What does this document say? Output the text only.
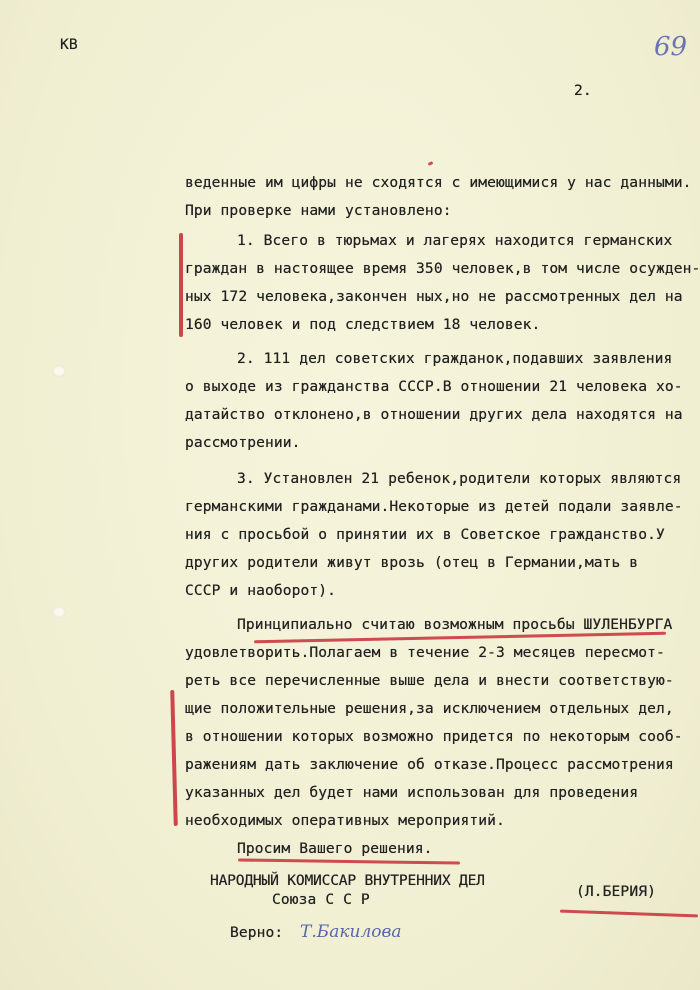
КВ	69
2.
веденные им цифры не сходятся с имеющимися у нас данными.
При проверке нами установлено:
1. Всего в тюрьмах и лагерях находится германских
граждан в настоящее время 350 человек,в том числе осужден-
ных 172 человека,закончен ных,но не рассмотренных дел на
160 человек и под следствием 18 человек.
2. 111 дел советских гражданок,подавших заявления
о выходе из гражданства СССР.В отношении 21 человека хо-
датайство отклонено,в отношении других дела находятся на
рассмотрении.
3. Установлен 21 ребенок,родители которых являются
германскими гражданами.Некоторые из детей подали заявле-
ния с просьбой о принятии их в Советское гражданство.У
других родители живут врозь (отец в Германии,мать в
СССР и наоборот).
Принципиально считаю возможным просьбы ШУЛЕНБУРГА
удовлетворить.Полагаем в течение 2-3 месяцев пересмот-
реть все перечисленные выше дела и внести соответствую-
щие положительные решения,за исключением отдельных дел,
в отношении которых возможно придется по некоторым сооб-
ражениям дать заключение об отказе.Процесс рассмотрения
указанных дел будет нами использован для проведения
необходимых оперативных мероприятий.
Просим Вашего решения.
НАРОДНЫЙ КОМИССАР ВНУТРЕННИХ ДЕЛ
Союза С С Р	(Л.БЕРИЯ)
Верно: Т.Бакилова
